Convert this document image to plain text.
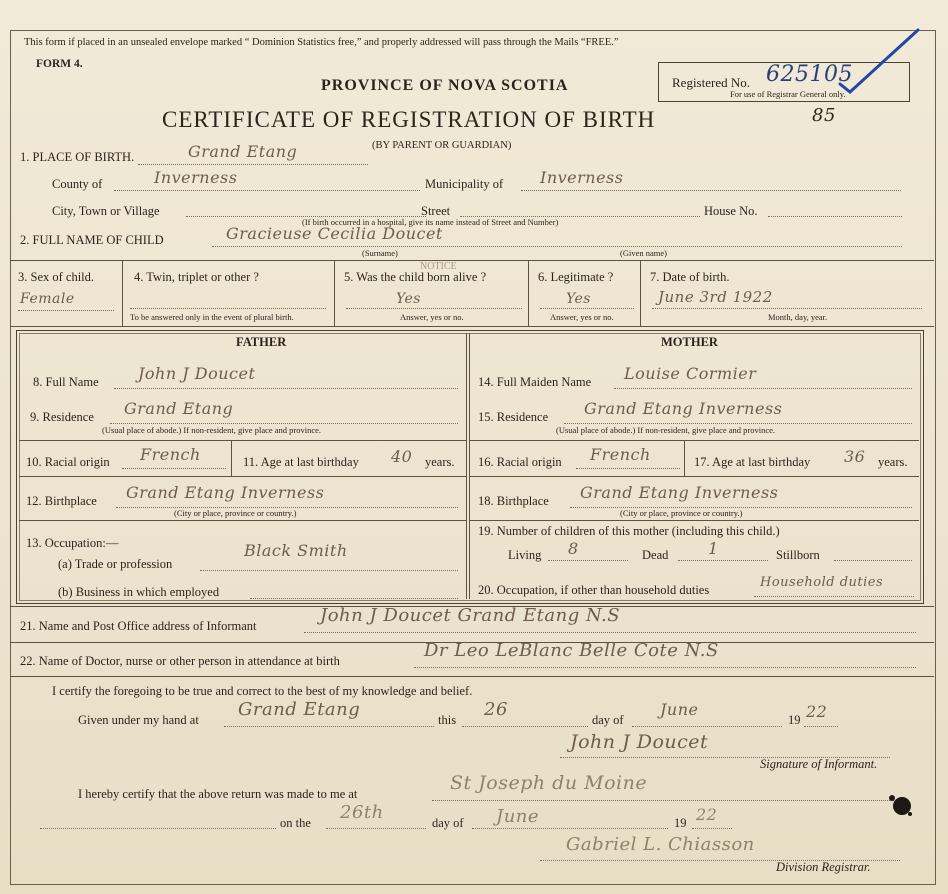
This form if placed in an unsealed envelope marked “ Dominion Statistics free,” and properly addressed will pass through the Mails “FREE.”
FORM 4.
PROVINCE OF NOVA SCOTIA
CERTIFICATE OF REGISTRATION OF BIRTH
(BY PARENT OR GUARDIAN)
Registered No. 625105
For use of Registrar General only.
85
1. PLACE OF BIRTH.	Grand Etang
County of	Inverness	Municipality of Inverness
City, Town or Village	Street	House No.
(If birth occurred in a hospital, give its name instead of Street and Number)
2. FULL NAME OF CHILD	Gracieuse Cecilia Doucet
(Surname)	(Given name)
NOTICE
3. Sex of child.
Female
4. Twin, triplet or other ?
To be answered only in the event of plural birth.
5. Was the child born alive ?
Yes
Answer, yes or no.
6. Legitimate ?
Yes
Answer, yes or no.
7. Date of birth.
June 3rd 1922
Month, day, year.
FATHER	MOTHER
8. Full Name John J Doucet
9. Residence Grand Etang
(Usual place of abode.) If non-resident, give place and province.
10. Racial origin French	11. Age at last birthday 40 years.
12. Birthplace Grand Etang Inverness
(City or place, province or country.)
13. Occupation:—
(a) Trade or profession
Black Smith
(b) Business in which employed
14. Full Maiden Name Louise Cormier
15. Residence Grand Etang Inverness
(Usual place of abode.) If non-resident, give place and province.
16. Racial origin French	17. Age at last birthday 36 years.
18. Birthplace Grand Etang Inverness
(City or place, province or country.)
19. Number of children of this mother (including this child.)
Living 8	Dead 1	Stillborn
20. Occupation, if other than household duties	Household duties
21. Name and Post Office address of Informant	John J Doucet Grand Etang N.S
22. Name of Doctor, nurse or other person in attendance at birth	Dr Leo LeBlanc Belle Cote N.S
I certify the foregoing to be true and correct to the best of my knowledge and belief.
Given under my hand at Grand Etang	this 26	day of
June
19 22
John J Doucet
Signature of Informant.
I hereby certify that the above return was made to me at	St Joseph du Moine
on the 26th	day of June	19 22
Gabriel L. Chiasson
Division Registrar.
